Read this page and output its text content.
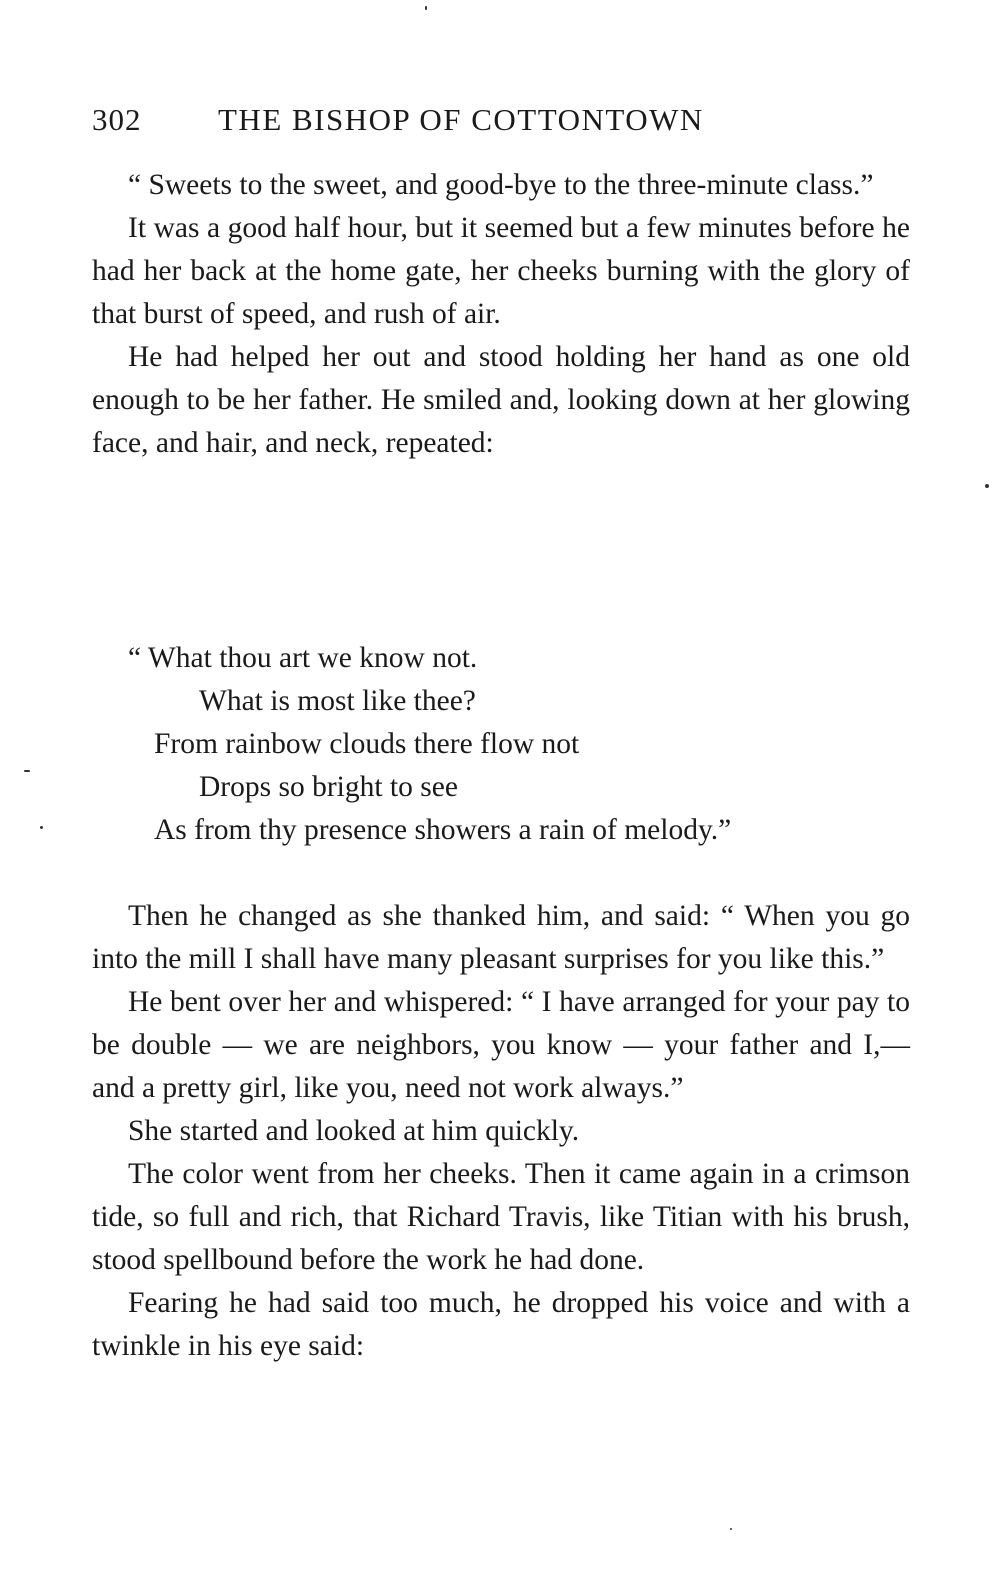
302 THE BISHOP OF COTTONTOWN

“ Sweets to the sweet, and good-bye to the three-minute class.”

It was a good half hour, but it seemed but a few minutes before he had her back at the home gate, her cheeks burning with the glory of that burst of speed, and rush of air.

He had helped her out and stood holding her hand as one old enough to be her father. He smiled and, looking down at her glowing face, and hair, and neck, repeated:

“ What thou art we know not.
What is most like thee?
From rainbow clouds there flow not
Drops so bright to see
As from thy presence showers a rain of melody.”

Then he changed as she thanked him, and said: “ When you go into the mill I shall have many pleasant surprises for you like this.”

He bent over her and whispered: “ I have arranged for your pay to be double — we are neighbors, you know — your father and I,— and a pretty girl, like you, need not work always.”

She started and looked at him quickly.

The color went from her cheeks. Then it came again in a crimson tide, so full and rich, that Richard Travis, like Titian with his brush, stood spellbound before the work he had done.

Fearing he had said too much, he dropped his voice and with a twinkle in his eye said:
